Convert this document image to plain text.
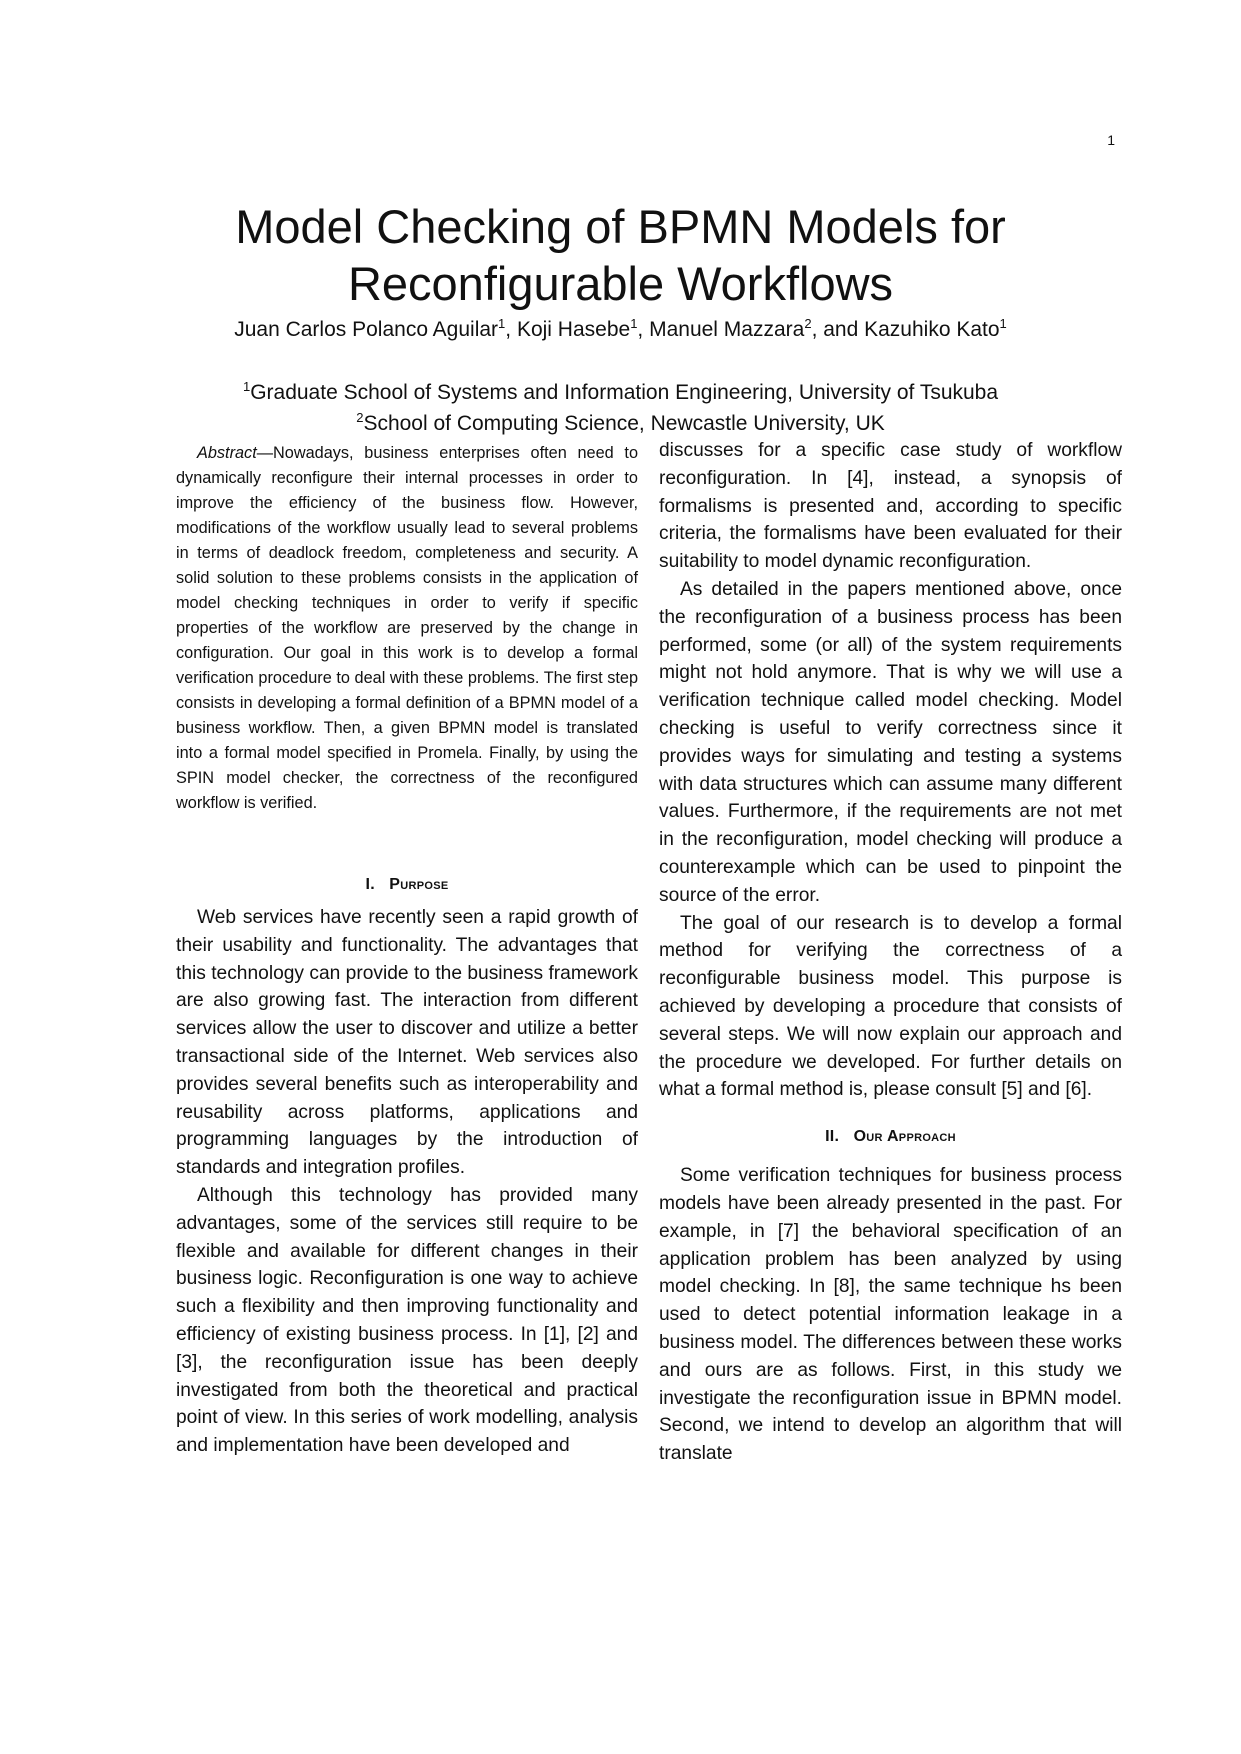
1
Model Checking of BPMN Models for
Reconfigurable Workflows

Juan Carlos Polanco Aguilar$^1$, Koji Hasebe$^1$, Manuel Mazzara$^2$, and Kazuhiko Kato$^1$

$^1$Graduate School of Systems and Information Engineering, University of Tsukuba
$^2$School of Computing Science, Newcastle University, UK

Abstract—Nowadays, business enterprises often need to dynamically reconfigure their internal processes in order to improve the efficiency of the business flow. However, modifications of the workflow usually lead to several problems in terms of deadlock freedom, completeness and security. A solid solution to these problems consists in the application of model checking techniques in order to verify if specific properties of the workflow are preserved by the change in configuration. Our goal in this work is to develop a formal verification procedure to deal with these problems. The first step consists in developing a formal definition of a BPMN model of a business workflow. Then, a given BPMN model is translated into a formal model specified in Promela. Finally, by using the SPIN model checker, the correctness of the reconfigured workflow is verified.

I. Purpose

Web services have recently seen a rapid growth of their usability and functionality. The advantages that this technology can provide to the business framework are also growing fast. The interaction from different services allow the user to discover and utilize a better transactional side of the Internet. Web services also provides several benefits such as interoperability and reusability across platforms, applications and programming languages by the introduction of standards and integration profiles.

Although this technology has provided many advantages, some of the services still require to be flexible and available for different changes in their business logic. Reconfiguration is one way to achieve such a flexibility and then improving functionality and efficiency of existing business process. In [1], [2] and [3], the reconfiguration issue has been deeply investigated from both the theoretical and practical point of view. In this series of work modelling, analysis and implementation have been developed and

discusses for a specific case study of workflow reconfiguration. In [4], instead, a synopsis of formalisms is presented and, according to specific criteria, the formalisms have been evaluated for their suitability to model dynamic reconfiguration.

As detailed in the papers mentioned above, once the reconfiguration of a business process has been performed, some (or all) of the system requirements might not hold anymore. That is why we will use a verification technique called model checking. Model checking is useful to verify correctness since it provides ways for simulating and testing a systems with data structures which can assume many different values. Furthermore, if the requirements are not met in the reconfiguration, model checking will produce a counterexample which can be used to pinpoint the source of the error.

The goal of our research is to develop a formal method for verifying the correctness of a reconfigurable business model. This purpose is achieved by developing a procedure that consists of several steps. We will now explain our approach and the procedure we developed. For further details on what a formal method is, please consult [5] and [6].

II. Our Approach

Some verification techniques for business process models have been already presented in the past. For example, in [7] the behavioral specification of an application problem has been analyzed by using model checking. In [8], the same technique hs been used to detect potential information leakage in a business model. The differences between these works and ours are as follows. First, in this study we investigate the reconfiguration issue in BPMN model. Second, we intend to develop an algorithm that will translate
